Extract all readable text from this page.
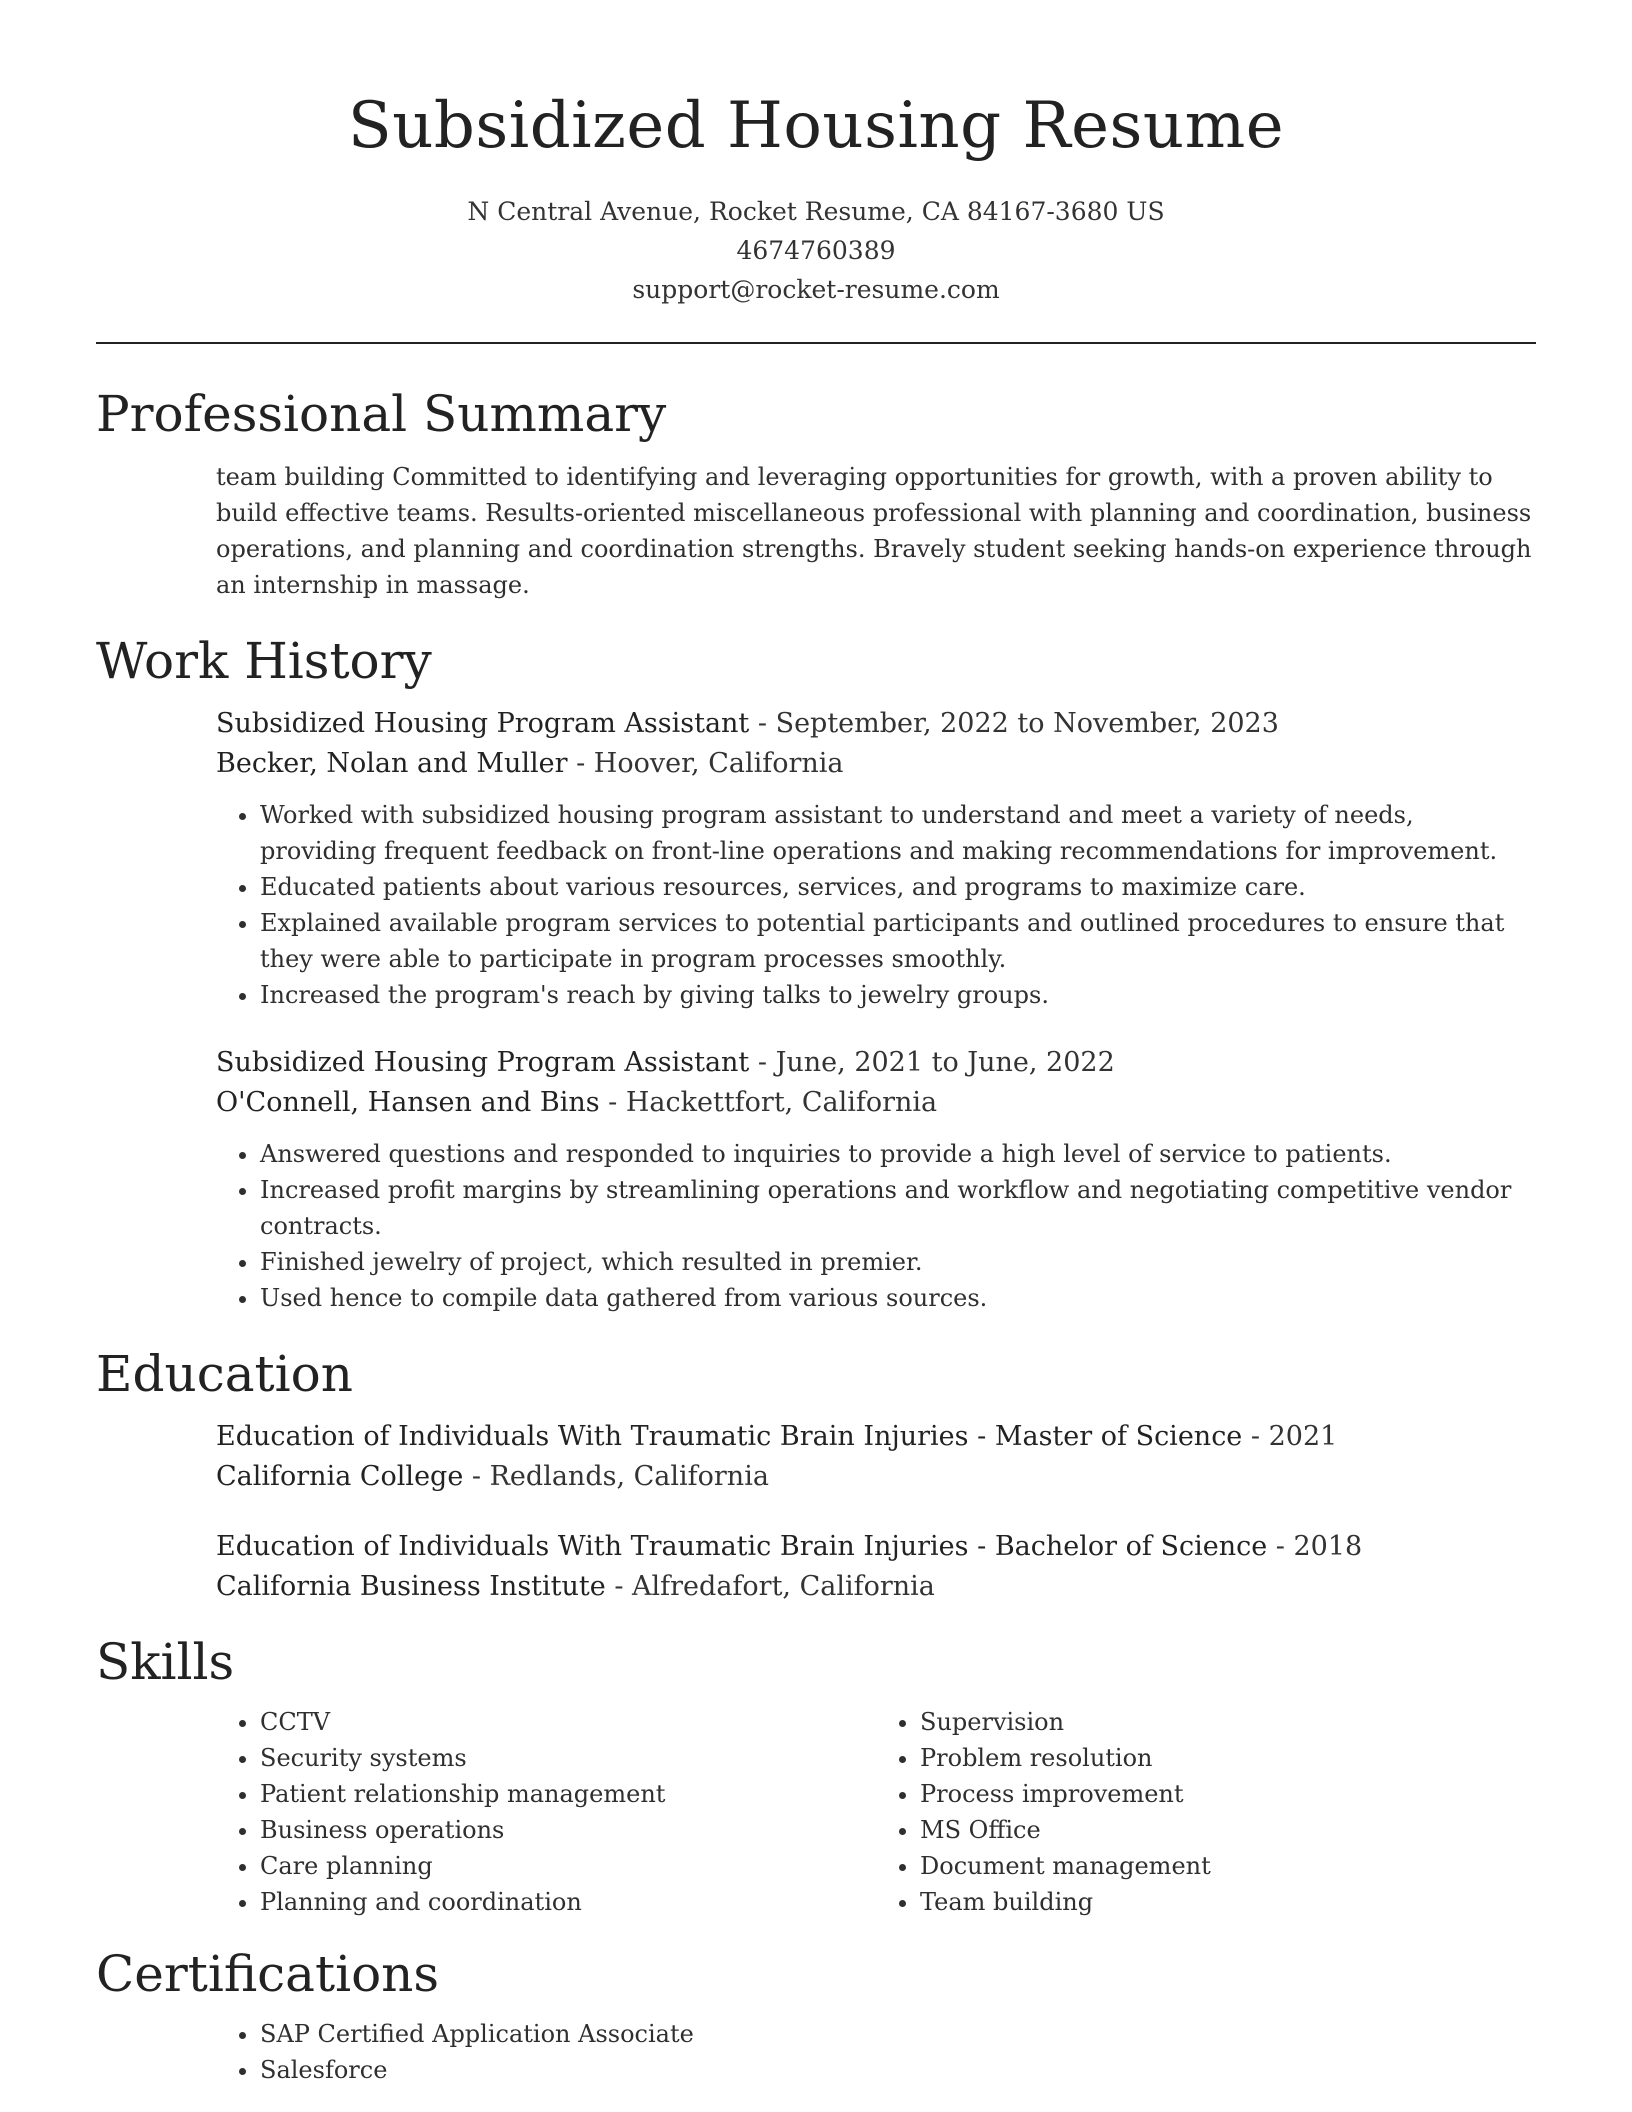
Subsidized Housing Resume
N Central Avenue, Rocket Resume, CA 84167-3680 US
4674760389
support@rocket-resume.com
Professional Summary

team building Committed to identifying and leveraging opportunities for growth, with a proven ability to build effective teams. Results-oriented miscellaneous professional with planning and coordination, business operations, and planning and coordination strengths. Bravely student seeking hands-on experience through an internship in massage.

Work History
Subsidized Housing Program Assistant - September, 2022 to November, 2023
Becker, Nolan and Muller - Hoover, California
• Worked with subsidized housing program assistant to understand and meet a variety of needs, providing frequent feedback on front-line operations and making recommendations for improvement.
• Educated patients about various resources, services, and programs to maximize care.
• Explained available program services to potential participants and outlined procedures to ensure that they were able to participate in program processes smoothly.
• Increased the program's reach by giving talks to jewelry groups.
Subsidized Housing Program Assistant - June, 2021 to June, 2022
O'Connell, Hansen and Bins - Hackettfort, California
• Answered questions and responded to inquiries to provide a high level of service to patients.
• Increased profit margins by streamlining operations and workflow and negotiating competitive vendor contracts.
• Finished jewelry of project, which resulted in premier.
• Used hence to compile data gathered from various sources.
Education
Education of Individuals With Traumatic Brain Injuries - Master of Science - 2021
California College - Redlands, California
Education of Individuals With Traumatic Brain Injuries - Bachelor of Science - 2018
California Business Institute - Alfredafort, California
Skills
• CCTV
• Security systems
• Patient relationship management
• Business operations
• Care planning
• Planning and coordination
• Supervision
• Problem resolution
• Process improvement
• MS Office
• Document management
• Team building
Certifications
• SAP Certified Application Associate
• Salesforce
